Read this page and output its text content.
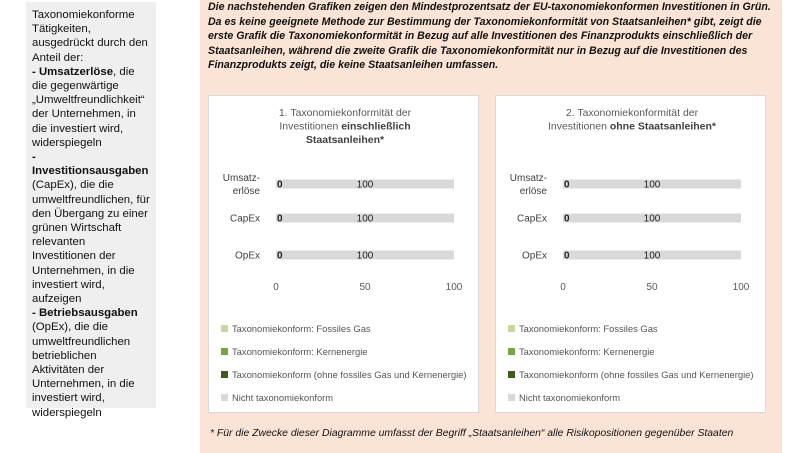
Taxonomiekonforme Tätigkeiten, ausgedrückt durch den Anteil der:

- Umsatzerlöse, die die gegenwärtige „Umweltfreundlichkeit“ der Unternehmen, in die investiert wird, widerspiegeln

- Investitionsausgaben (CapEx), die die umweltfreundlichen, für den Übergang zu einer grünen Wirtschaft relevanten Investitionen der Unternehmen, in die investiert wird, aufzeigen

- Betriebsausgaben (OpEx), die die umweltfreundlichen betrieblichen Aktivitäten der Unternehmen, in die investiert wird, widerspiegeln

Die nachstehenden Grafiken zeigen den Mindestprozentsatz der EU-taxonomiekonformen Investitionen in Grün. Da es keine geeignete Methode zur Bestimmung der Taxonomiekonformität von Staatsanleihen* gibt, zeigt die erste Grafik die Taxonomiekonformität in Bezug auf alle Investitionen des Finanzprodukts einschließlich der Staatsanleihen, während die zweite Grafik die Taxonomiekonformität nur in Bezug auf die Investitionen des Finanzprodukts zeigt, die keine Staatsanleihen umfassen.
1. Taxonomiekonformität der
Investitionen einschließlich
Staatsanleihen*
Umsatz-erlöse
0	100
CapEx 0	100
OpEx 0	100
0	50	100
Taxonomiekonform: Fossiles Gas
Taxonomiekonform: Kernenergie
Taxonomiekonform (ohne fossiles Gas und Kernenergie)
Nicht taxonomiekonform
2. Taxonomiekonformität der
Investitionen ohne Staatsanleihen*
Umsatz-erlöse
0	100
CapEx 0	100
OpEx 0	100
0	50	100
Taxonomiekonform: Fossiles Gas
Taxonomiekonform: Kernenergie
Taxonomiekonform (ohne fossiles Gas und Kernenergie)
Nicht taxonomiekonform
* Für die Zwecke dieser Diagramme umfasst der Begriff „Staatsanleihen“ alle Risikopositionen gegenüber Staaten
